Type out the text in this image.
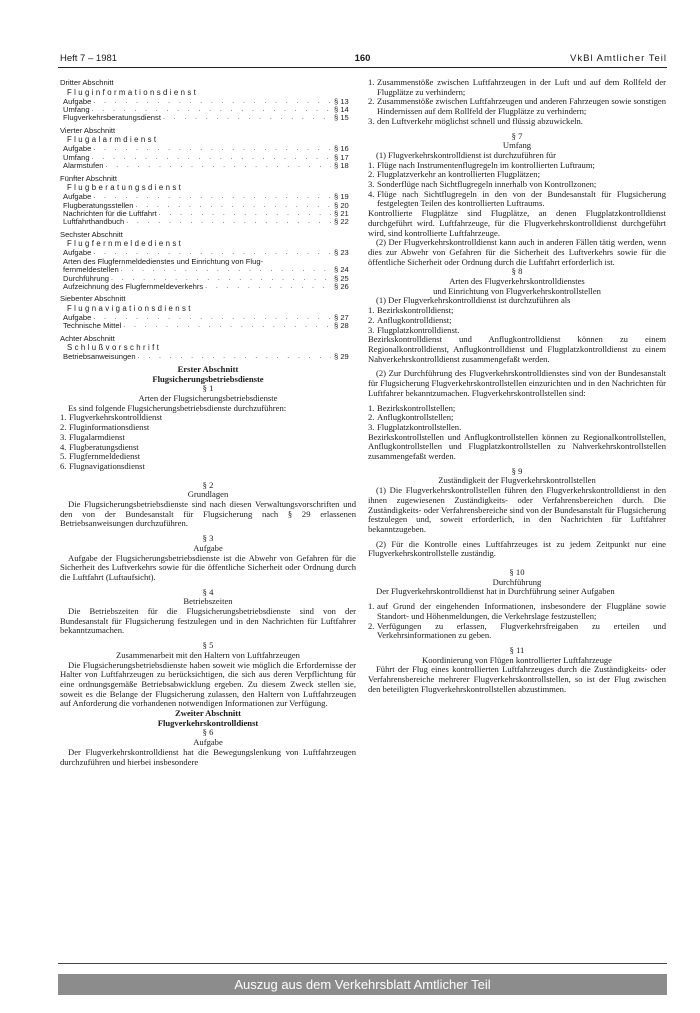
Heft 7 – 1981	160	VkBl Amtlicher Teil
Dritter Abschnitt
Fluginformationsdienst
Aufgabe . . .	§ 13
Umfang . . .	§ 14
Flugverkehrsberatungsdienst . . .	§ 15
Vierter Abschnitt
Flugalarmdienst
Aufgabe . . .	§ 16
Umfang . . .	§ 17
Alarmstufen . . .	§ 18
Fünfter Abschnitt
Flugberatungsdienst
Aufgabe . . .	§ 19
Flugberatungsstellen . . .	§ 20
Nachrichten für die Luftfahrt . . .	§ 21
Luftfahrthandbuch . . .	§ 22
Sechster Abschnitt
Flugfernmeldedienst
Aufgabe . . .	§ 23
Arten des Flugfernmeldedienstes und Einrichtung von Flug-
fernmeldestellen . . .	§ 24
Durchführung . . .	§ 25
Aufzeichnung des Flugfernmeldeverkehrs . . .	§ 26
Siebenter Abschnitt
Flugnavigationsdienst
Aufgabe . . .	§ 27
Technische Mittel . . .	§ 28
Achter Abschnitt
Schlußvorschrift
Betriebsanweisungen . . .	§ 29
Erster Abschnitt
Flugsicherungsbetriebsdienste
§ 1
Arten der Flugsicherungsbetriebsdienste

Es sind folgende Flugsicherungsbetriebsdienste durchzuführen:

1. Flugverkehrskontrolldienst
2. Fluginformationsdienst
3. Flugalarmdienst
4. Flugberatungsdienst
5. Flugfernmeldedienst
6. Flugnavigationsdienst
§ 2
Grundlagen

Die Flugsicherungsbetriebsdienste sind nach diesen Verwaltungsvorschriften und den von der Bundesanstalt für Flugsicherung nach § 29 erlassenen Betriebsanweisungen durchzuführen.

§ 3
Aufgabe

Aufgabe der Flugsicherungsbetriebsdienste ist die Abwehr von Gefahren für die Sicherheit des Luftverkehrs sowie für die öffentliche Sicherheit oder Ordnung durch die Luftfahrt (Luftaufsicht).

§ 4
Betriebszeiten

Die Betriebszeiten für die Flugsicherungsbetriebsdienste sind von der Bundesanstalt für Flugsicherung festzulegen und in den Nachrichten für Luftfahrer bekanntzumachen.

§ 5
Zusammenarbeit mit den Haltern von Luftfahrzeugen

Die Flugsicherungsbetriebsdienste haben soweit wie möglich die Erfordernisse der Halter von Luftfahrzeugen zu berücksichtigen, die sich aus deren Verpflichtung für eine ordnungsgemäße Betriebsabwicklung ergeben. Zu diesem Zweck stellen sie, soweit es die Belange der Flugsicherung zulassen, den Haltern von Luftfahrzeugen auf Anforderung die vorhandenen notwendigen Informationen zur Verfügung.

Zweiter Abschnitt
Flugverkehrskontrolldienst
§ 6
Aufgabe

Der Flugverkehrskontrolldienst hat die Bewegungslenkung von Luftfahrzeugen durchzuführen und hierbei insbesondere

1. Zusammenstöße zwischen Luftfahrzeugen in der Luft und auf dem Rollfeld der Flugplätze zu verhindern;
2. Zusammenstöße zwischen Luftfahrzeugen und anderen Fahrzeugen sowie sonstigen Hindernissen auf dem Rollfeld der Flugplätze zu verhindern;
3. den Luftverkehr möglichst schnell und flüssig abzuwickeln.
§ 7
Umfang

(1) Flugverkehrskontrolldienst ist durchzuführen für

1. Flüge nach Instrumentenflugregeln im kontrollierten Luftraum;
2. Flugplatzverkehr an kontrollierten Flugplätzen;
3. Sonderflüge nach Sichtflugregeln innerhalb von Kontrollzonen;
4. Flüge nach Sichtflugregeln in den von der Bundesanstalt für Flugsicherung festgelegten Teilen des kontrollierten Luftraums.

Kontrollierte Flugplätze sind Flugplätze, an denen Flugplatzkontrolldienst durchgeführt wird. Luftfahrzeuge, für die Flugverkehrskontrolldienst durchgeführt wird, sind kontrollierte Luftfahrzeuge.

(2) Der Flugverkehrskontrolldienst kann auch in anderen Fällen tätig werden, wenn dies zur Abwehr von Gefahren für die Sicherheit des Luftverkehrs sowie für die öffentliche Sicherheit oder Ordnung durch die Luftfahrt erforderlich ist.

§ 8
Arten des Flugverkehrskontrolldienstes
und Einrichtung von Flugverkehrskontrollstellen

(1) Der Flugverkehrskontrolldienst ist durchzuführen als

1. Bezirkskontrolldienst;
2. Anflugkontrolldienst;
3. Flugplatzkontrolldienst.

Bezirkskontrolldienst und Anflugkontrolldienst können zu einem Regionalkontrolldienst, Anflugkontrolldienst und Flugplatzkontrolldienst zu einem Nahverkehrskontrolldienst zusammengefaßt werden.

(2) Zur Durchführung des Flugverkehrskontrolldienstes sind von der Bundesanstalt für Flugsicherung Flugverkehrskontrollstellen einzurichten und in den Nachrichten für Luftfahrer bekanntzumachen. Flugverkehrskontrollstellen sind:

1. Bezirkskontrollstellen;
2. Anflugkontrollstellen;
3. Flugplatzkontrollstellen.

Bezirkskontrollstellen und Anflugkontrollstellen können zu Regionalkontrollstellen, Anflugkontrollstellen und Flugplatzkontrollstellen zu Nahverkehrskontrollstellen zusammengefaßt werden.

§ 9
Zuständigkeit der Flugverkehrskontrollstellen

(1) Die Flugverkehrskontrollstellen führen den Flugverkehrskontrolldienst in den ihnen zugewiesenen Zuständigkeits- oder Verfahrensbereichen durch. Die Zuständigkeits- oder Verfahrensbereiche sind von der Bundesanstalt für Flugsicherung festzulegen und, soweit erforderlich, in den Nachrichten für Luftfahrer bekanntzugeben.

(2) Für die Kontrolle eines Luftfahrzeuges ist zu jedem Zeitpunkt nur eine Flugverkehrskontrollstelle zuständig.

§ 10
Durchführung

Der Flugverkehrskontrolldienst hat in Durchführung seiner Aufgaben

1. auf Grund der eingehenden Informationen, insbesondere der Flugpläne sowie Standort- und Höhenmeldungen, die Verkehrslage festzustellen;
2. Verfügungen zu erlassen, Flugverkehrsfreigaben zu erteilen und Verkehrsinformationen zu geben.
§ 11
Koordinierung von Flügen kontrollierter Luftfahrzeuge

Führt der Flug eines kontrollierten Luftfahrzeuges durch die Zuständigkeits- oder Verfahrensbereiche mehrerer Flugverkehrskontrollstellen, so ist der Flug zwischen den beteiligten Flugverkehrskontrollstellen abzustimmen.

Auszug aus dem Verkehrsblatt Amtlicher Teil
